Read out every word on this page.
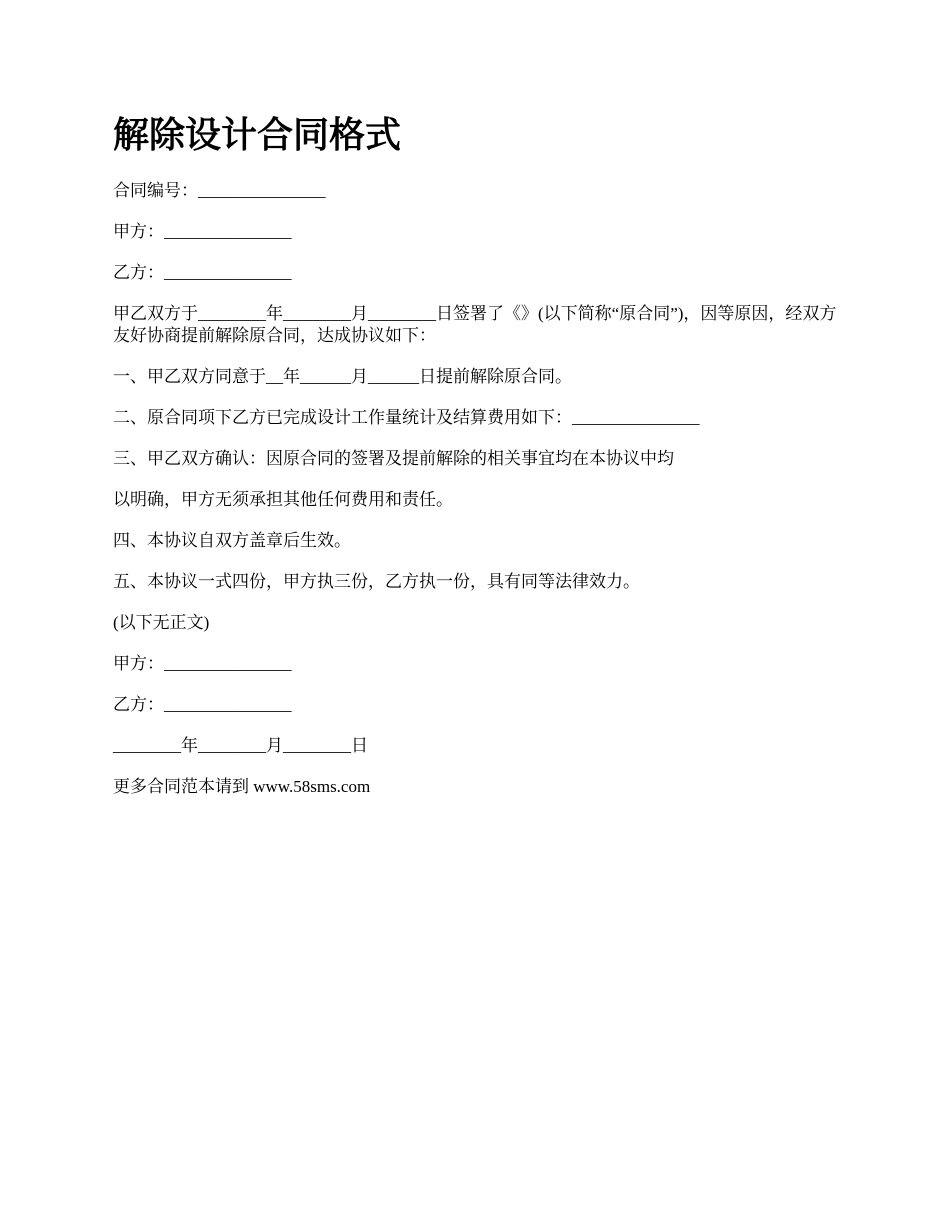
解除设计合同格式

合同编号：_______________

甲方：_______________

乙方：_______________

甲乙双方于________年________月________日签署了《》(以下简称“原合同”)，因等原因，经双方友好协商提前解除原合同，达成协议如下：

一、甲乙双方同意于__年______月______日提前解除原合同。

二、原合同项下乙方已完成设计工作量统计及结算费用如下：_______________

三、甲乙双方确认：因原合同的签署及提前解除的相关事宜均在本协议中均

以明确，甲方无须承担其他任何费用和责任。

四、本协议自双方盖章后生效。

五、本协议一式四份，甲方执三份，乙方执一份，具有同等法律效力。

(以下无正文)

甲方：_______________

乙方：_______________

________年________月________日

更多合同范本请到 www.58sms.com
